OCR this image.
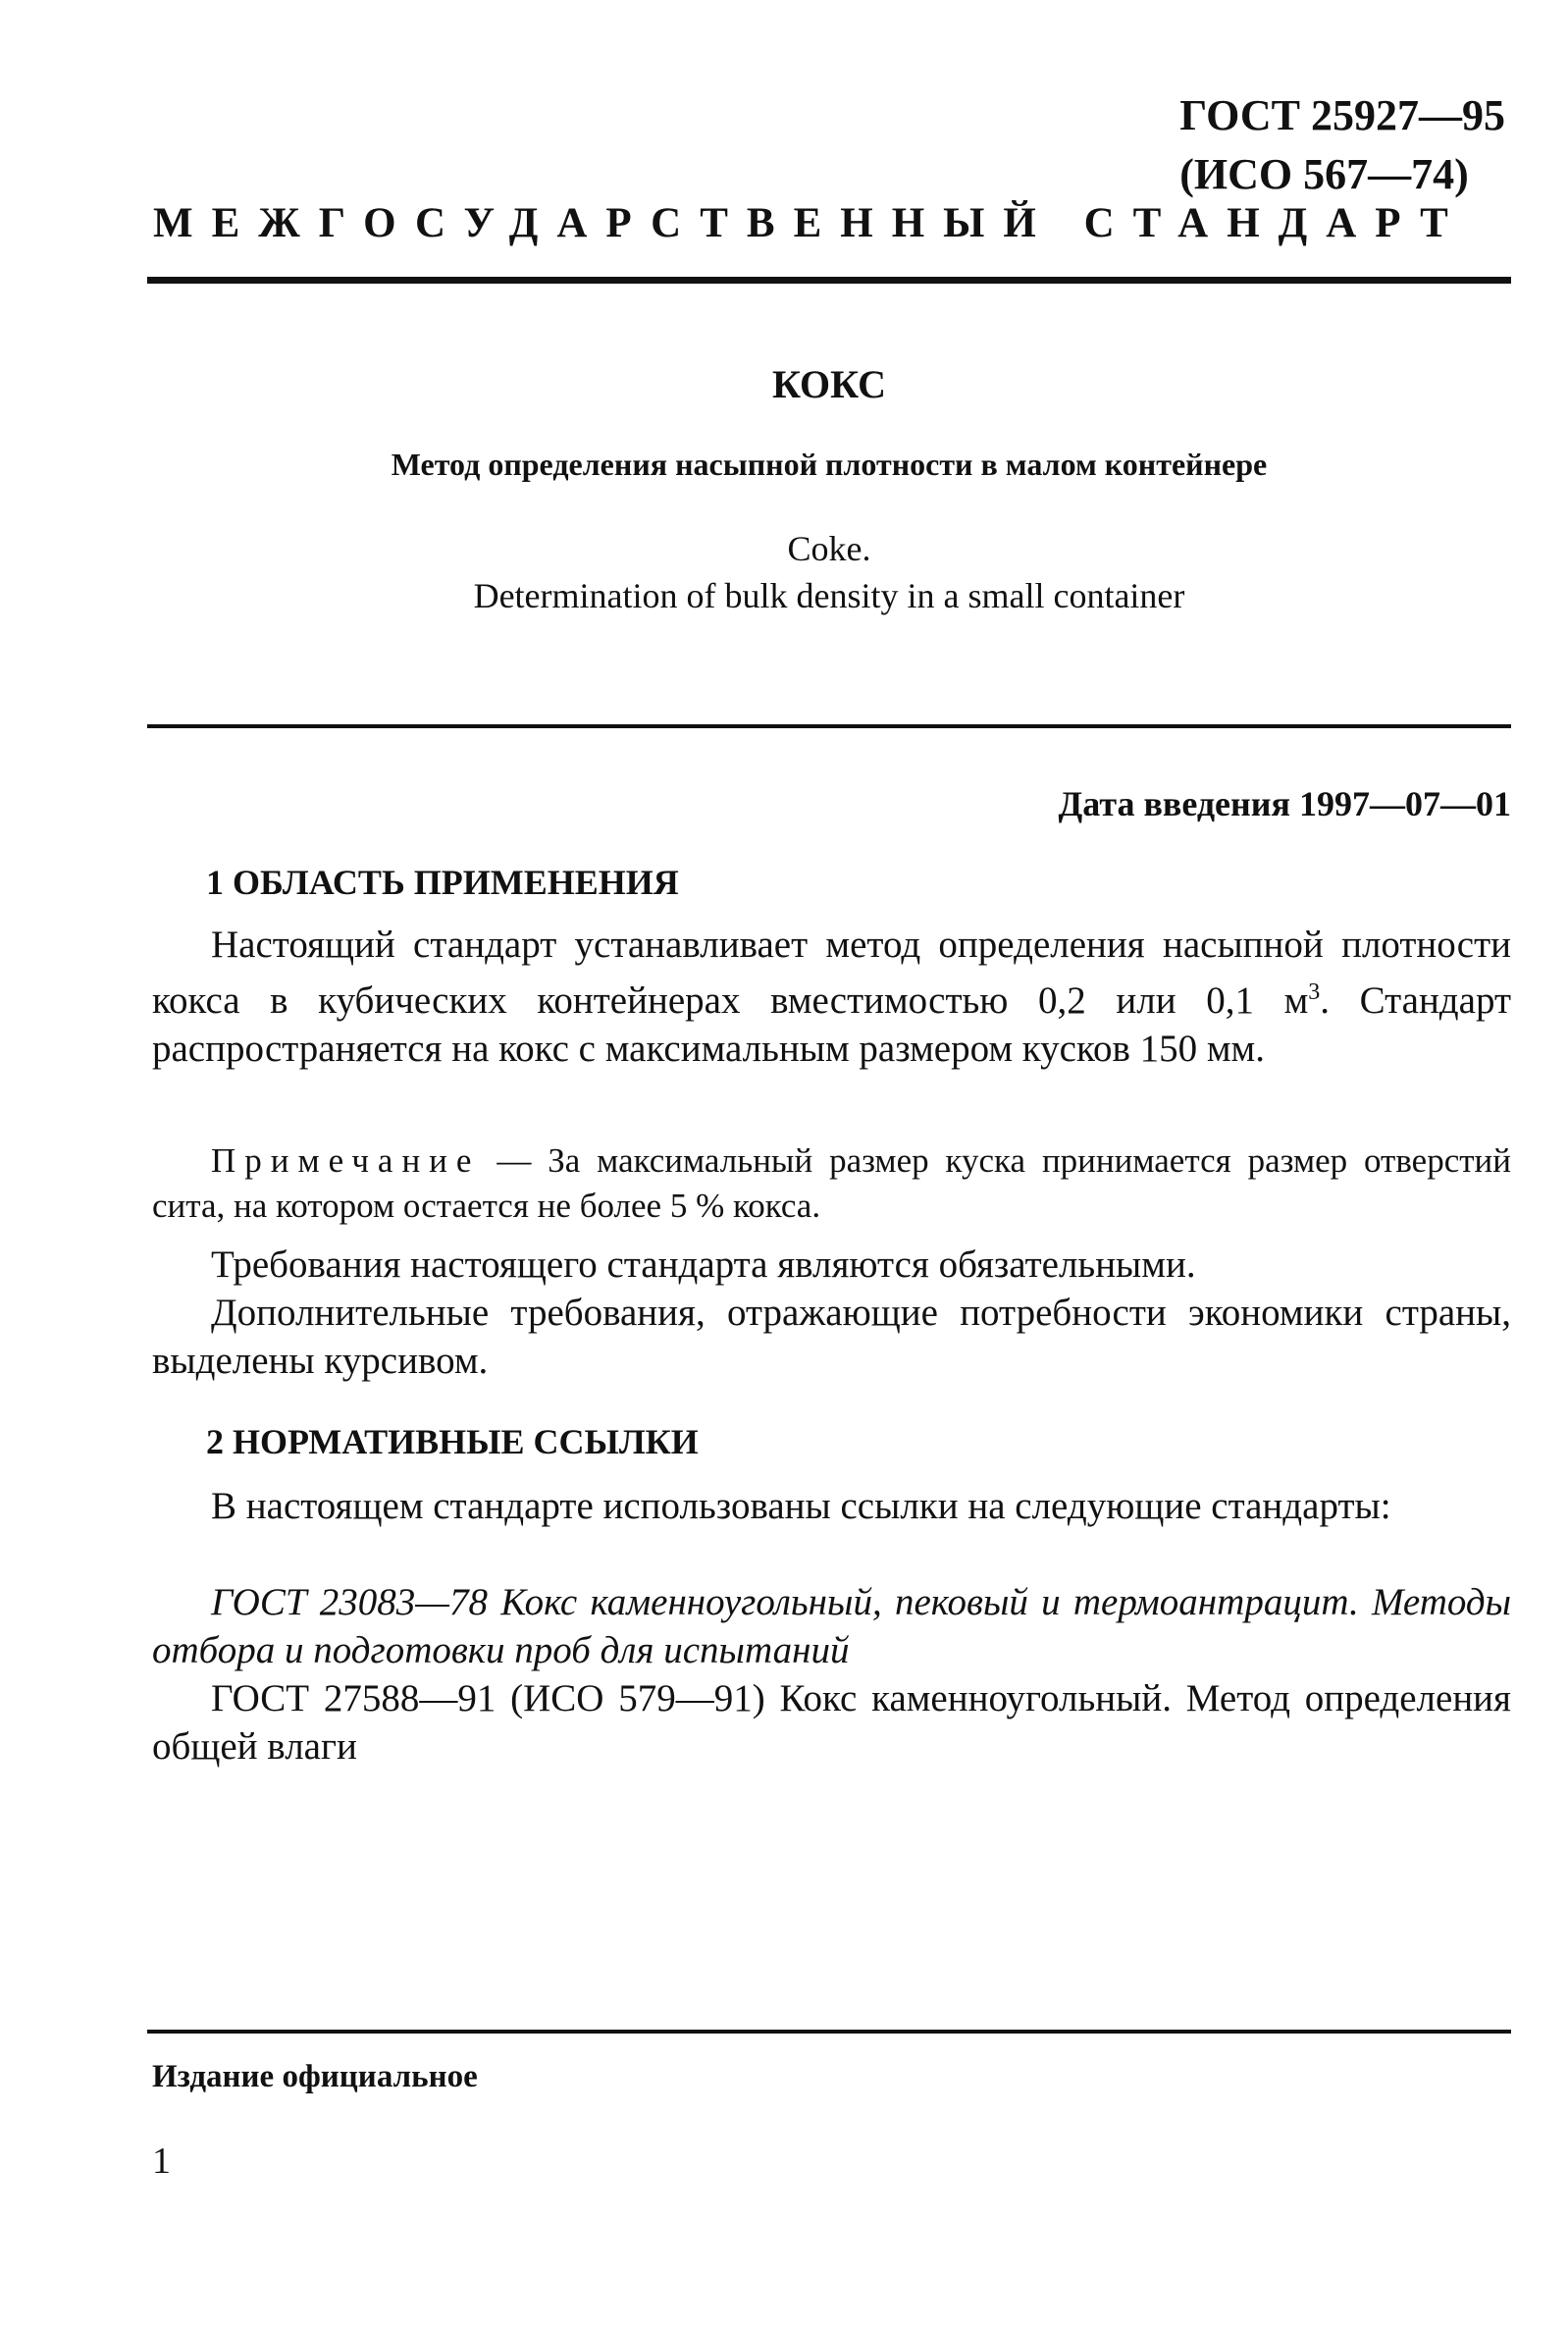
ГОСТ 25927—95
(ИСО 567—74)
МЕЖГОСУДАРСТВЕННЫЙ СТАНДАРТ
КОКС
Метод определения насыпной плотности в малом контейнере
Coke.
Determination of bulk density in a small container
Дата введения 1997—07—01
1 ОБЛАСТЬ ПРИМЕНЕНИЯ
Настоящий стандарт устанавливает метод определения насыпной плотности кокса в кубических контейнерах вместимостью 0,2 или 0,1 $м^3$. Стандарт распространяется на кокс с максимальным размером кусков 150 мм.
Примечание — За максимальный размер куска принимается размер отверстий сита, на котором остается не более 5 % кокса.
Требования настоящего стандарта являются обязательными.
Дополнительные требования, отражающие потребности экономики страны, выделены курсивом.
2 НОРМАТИВНЫЕ ССЫЛКИ
В настоящем стандарте использованы ссылки на следующие стандарты:
ГОСТ 23083—78 Кокс каменноугольный, пековый и термоантрацит. Методы отбора и подготовки проб для испытаний
ГОСТ 27588—91 (ИСО 579—91) Кокс каменноугольный. Метод определения общей влаги
Издание официальное
1
